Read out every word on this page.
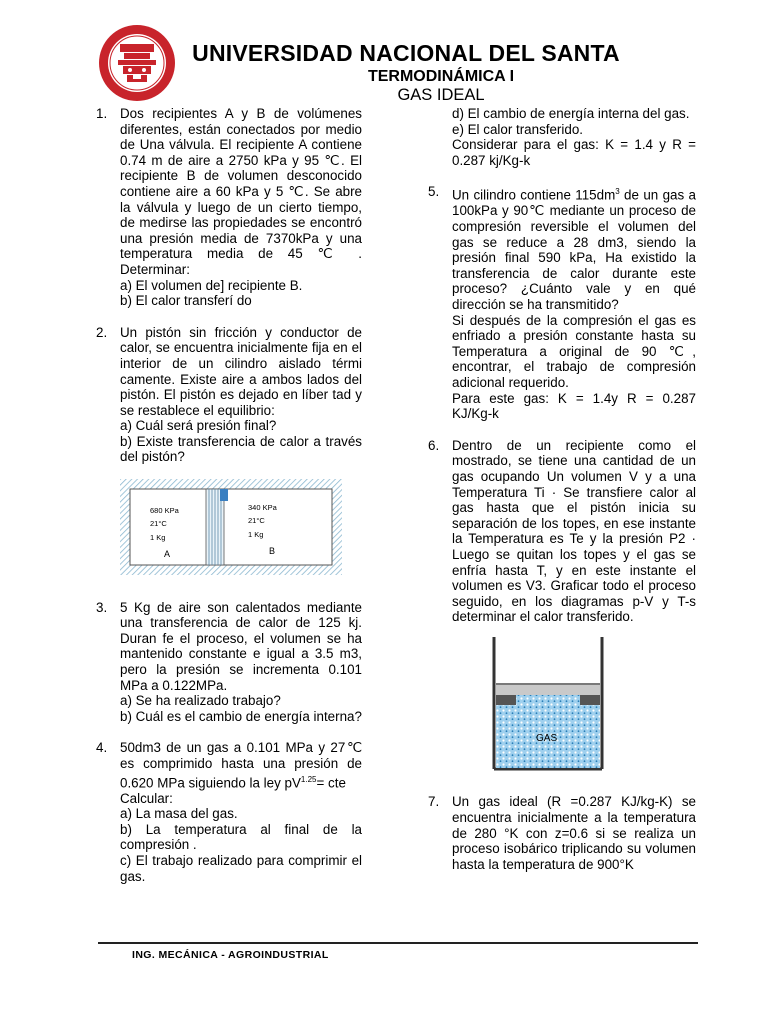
UNIVERSIDAD NACIONAL DEL SANTA
TERMODINÁMICA I
GAS IDEAL
1. Dos recipientes A y B de volúmenes diferentes, están conectados por medio de Una válvula. El recipiente A contiene 0.74 m de aire a 2750 kPa y 95 ℃. El recipiente B de volumen desconocido contiene aire a 60 kPa y 5 ℃. Se abre la válvula y luego de un cierto tiempo, de medirse las propiedades se encontró una presión media de 7370kPa y una temperatura media de 45 ℃ . Determinar:

a) El volumen de] recipiente B.

b) El calor transferí do

2. Un pistón sin fricción y conductor de calor, se encuentra inicialmente fija en el interior de un cilindro aislado térmi camente. Existe aire a ambos lados del pistón. El pistón es dejado en líber tad y se restablece el equilibrio:

a) Cuál será presión final?

b) Existe transferencia de calor a través del pistón?

680 KPa
21°C
1 Kg
A
340 KPa
21°C
1 Kg
B
3. 5 Kg de aire son calentados mediante una transferencia de calor de 125 kj. Duran fe el proceso, el volumen se ha mantenido constante e igual a 3.5 m3, pero la presión se incrementa 0.101 MPa a 0.122MPa.

a) Se ha realizado trabajo?

b) Cuál es el cambio de energía interna?

4. 50dm3 de un gas a 0.101 MPa y 27℃ es comprimido hasta una presión de 0.620 MPa siguiendo la ley $pV^{1.25}=$ cte

Calcular:

a) La masa del gas.

b) La temperatura al final de la compresión .

c) El trabajo realizado para comprimir el gas.

d) El cambio de energía interna del gas.

e) El calor transferido.

Considerar para el gas: K = 1.4 y R = 0.287 kj/Kg-k

5. Un cilindro contiene $115dm^3$ de un gas a 100kPa y 90℃ mediante un proceso de compresión reversible el volumen del gas se reduce a 28 dm3, siendo la presión final 590 kPa, Ha existido la transferencia de calor durante este proceso? ¿Cuánto vale y en qué dirección se ha transmitido?

Si después de la compresión el gas es enfriado a presión constante hasta su Temperatura a original de 90 ℃, encontrar, el trabajo de compresión adicional requerido.

Para este gas: K = 1.4y R = 0.287 KJ/Kg-k

6. Dentro de un recipiente como el mostrado, se tiene una cantidad de un gas ocupando Un volumen V y a una Temperatura Ti · Se transfiere calor al gas hasta que el pistón inicia su separación de los topes, en ese instante la Temperatura es Te y la presión P2 · Luego se quitan los topes y el gas se enfría hasta T, y en este instante el volumen es V3. Graficar todo el proceso seguido, en los diagramas p-V y T-s determinar el calor transferido.

GAS
7. Un gas ideal (R =0.287 KJ/kg-K) se encuentra inicialmente a la temperatura de 280 °K con z=0.6 si se realiza un proceso isobárico triplicando su volumen hasta la temperatura de 900°K

ING. MECÁNICA - AGROINDUSTRIAL
